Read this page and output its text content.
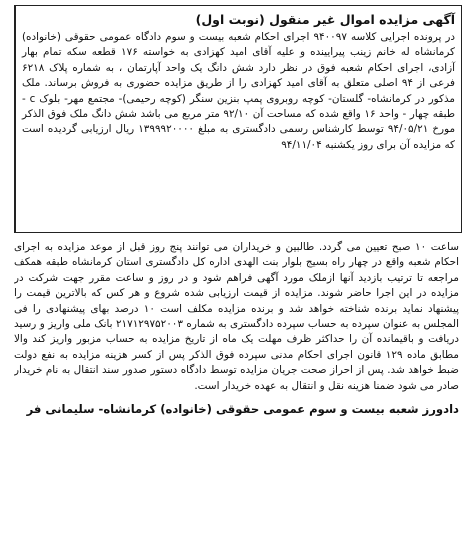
آگهی مزایده اموال غیر منقول (نوبت اول)

در پرونده اجرایی کلاسه ۹۴۰۰۹۷ اجرای احکام شعبه بیست و سوم دادگاه عمومی حقوقی (خانواده) کرمانشاه له خانم زینب پیرایینده و علیه آقای امید کهزادی به خواسته ۱۷۶ قطعه سکه تمام بهار آزادی، اجرای احکام شعبه فوق در نظر دارد شش دانگ یک واحد آپارتمان ، به شماره پلاک ۶۲۱۸ فرعی از ۹۴ اصلی متعلق به آقای امید کهزادی را از طریق مزایده حضوری به فروش برساند. ملک مذکور در کرمانشاه- گلستان- کوچه روبروی پمپ بنزین سنگر (کوچه رحیمی)- مجتمع مهر- بلوک c - طبقه چهار - واحد ۱۶ واقع شده که مساحت آن ۹۲/۱۰ متر مربع می باشد شش دانگ ملک فوق الذکر مورخ ۹۴/۰۵/۲۱ توسط کارشناس رسمی دادگستری به مبلغ ۱۳۹۹۹۲۰۰۰۰ ریال ارزیابی گردیده است که مزایده آن برای روز یکشنبه ۹۴/۱۱/۰۴

ساعت ۱۰ صبح تعیین می گردد. طالبین و خریداران می توانند پنج روز قبل از موعد مزایده به اجرای احکام شعبه واقع در چهار راه بسیج بلوار بنت الهدی اداره کل دادگستری استان کرمانشاه طبقه همکف مراجعه تا ترتیب بازدید آنها ازملک مورد آگهی فراهم شود و در روز و ساعت مقرر جهت شرکت در مزایده در این اجرا حاضر شوند. مزایده از قیمت ارزیابی شده شروع و هر کس که بالاترین قیمت را پیشنهاد نماید برنده شناخته خواهد شد و برنده مزایده مکلف است ۱۰ درصد بهای پیشنهادی را فی المجلس به عنوان سپرده به حساب سپرده دادگستری به شماره ۲۱۷۱۲۹۷۵۲۰۰۳ بانک ملی واریز و رسید دریافت و باقیمانده آن را حداکثر ظرف مهلت یک ماه از تاریخ مزایده به حساب مزبور واریز کند والا مطابق ماده ۱۲۹ قانون اجرای احکام مدنی سپرده فوق الذکر پس از کسر هزینه مزایده به نفع دولت ضبط خواهد شد. پس از احراز صحت جریان مزایده توسط دادگاه دستور صدور سند انتقال به نام خریدار صادر می شود ضمنا هزینه نقل و انتقال به عهده خریدار است.

دادورز شعبه بیست و سوم عمومی حقوقی (خانواده) کرمانشاه- سلیمانی فر
